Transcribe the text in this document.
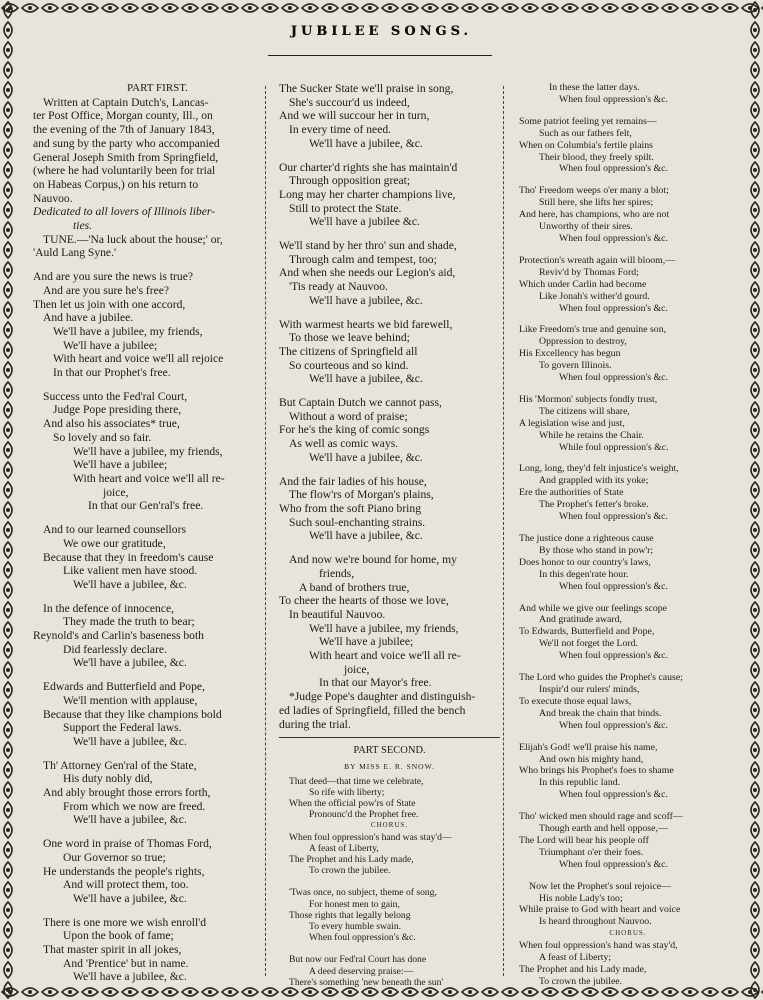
JUBILEE SONGS.
PART FIRST.
Written at Captain Dutch's, Lancas-
ter Post Office, Morgan county, Ill., on
the evening of the 7th of January 1843,
and sung by the party who accompanied
General Joseph Smith from Springfield,
(where he had voluntarily been for trial
on Habeas Corpus,) on his return to
Nauvoo.
Dedicated to all lovers of Illinois liber-
ties.
TUNE.—'Na luck about the house;' or,
'Auld Lang Syne.'
And are you sure the news is true?
And are you sure he's free?
Then let us join with one accord,
And have a jubilee.
We'll have a jubilee, my friends,
We'll have a jubilee;
With heart and voice we'll all rejoice
In that our Prophet's free.
Success unto the Fed'ral Court,
Judge Pope presiding there,
And also his associates* true,
So lovely and so fair.
We'll have a jubilee, my friends,
We'll have a jubilee;
With heart and voice we'll all re-
joice,
In that our Gen'ral's free.
And to our learned counsellors
We owe our gratitude,
Because that they in freedom's cause
Like valient men have stood.
We'll have a jubilee, &c.
In the defence of innocence,
They made the truth to bear;
Reynold's and Carlin's baseness both
Did fearlessly declare.
We'll have a jubilee, &c.
Edwards and Butterfield and Pope,
We'll mention with applause,
Because that they like champions bold
Support the Federal laws.
We'll have a jubilee, &c.
Th' Attorney Gen'ral of the State,
His duty nobly did,
And ably brought those errors forth,
From which we now are freed.
We'll have a jubilee, &c.
One word in praise of Thomas Ford,
Our Governor so true;
He understands the people's rights,
And will protect them, too.
We'll have a jubilee, &c.
There is one more we wish enroll'd
Upon the book of fame;
That master spirit in all jokes,
And 'Prentice' but in name.
We'll have a jubilee, &c.
The Sucker State we'll praise in song,
She's succour'd us indeed,
And we will succour her in turn,
In every time of need.
We'll have a jubilee, &c.
Our charter'd rights she has maintain'd
Through opposition great;
Long may her charter champions live,
Still to protect the State.
We'll have a jubilee &c.
We'll stand by her thro' sun and shade,
Through calm and tempest, too;
And when she needs our Legion's aid,
'Tis ready at Nauvoo.
We'll have a jubilee, &c.
With warmest hearts we bid farewell,
To those we leave behind;
The citizens of Springfield all
So courteous and so kind.
We'll have a jubilee, &c.
But Captain Dutch we cannot pass,
Without a word of praise;
For he's the king of comic songs
As well as comic ways.
We'll have a jubilee, &c.
And the fair ladies of his house,
The flow'rs of Morgan's plains,
Who from the soft Piano bring
Such soul-enchanting strains.
We'll have a jubilee, &c.
And now we're bound for home, my
friends,
A band of brothers true,
To cheer the hearts of those we love,
In beautiful Nauvoo.
We'll have a jubilee, my friends,
We'll have a jubilee;
With heart and voice we'll all re-
joice,
In that our Mayor's free.
*Judge Pope's daughter and distinguish-
ed ladies of Springfield, filled the bench
during the trial.
PART SECOND.
BY MISS E. R. SNOW.
That deed—that time we celebrate,
So rife with liberty;
When the official pow'rs of State
Pronounc'd the Prophet free.
CHORUS.
When foul oppression's hand was stay'd—
A feast of Liberty,
The Prophet and his Lady made,
To crown the jubilee.
'Twas once, no subject, theme of song,
For honest men to gain,
Those rights that legally belong
To every humble swain.
When foul oppression's &c.
But now our Fed'ral Court has done
A deed deserving praise:—
There's something 'new beneath the sun'
In these the latter days.
When foul oppression's &c.
Some patriot feeling yet remains—
Such as our fathers felt,
When on Columbia's fertile plains
Their blood, they freely spilt.
When foul oppression's &c.
Tho' Freedom weeps o'er many a blot;
Still here, she lifts her spires;
And here, has champions, who are not
Unworthy of their sires.
When foul oppression's &c.
Protection's wreath again will bloom,—
Reviv'd by Thomas Ford;
Which under Carlin had become
Like Jonah's wither'd gourd.
When foul oppression's &c.
Like Freedom's true and genuine son,
Oppression to destroy,
His Excellency has begun
To govern Illinois.
When foul oppression's &c.
His 'Mormon' subjects fondly trust,
The citizens will share,
A legislation wise and just,
While he retains the Chair.
While foul oppression's &c.
Long, long, they'd felt injustice's weight,
And grappled with its yoke;
Ere the authorities of State
The Prophet's fetter's broke.
When foul oppression's &c.
The justice done a righteous cause
By those who stand in pow'r;
Does honor to our country's laws,
In this degen'rate hour.
When foul oppression's &c.
And while we give our feelings scope
And gratitude award,
To Edwards, Butterfield and Pope,
We'll not forget the Lord.
When foul oppression's &c.
The Lord who guides the Prophet's cause;
Inspir'd our rulers' minds,
To execute those equal laws,
And break the chain that binds.
When foul oppression's &c.
Elijah's God! we'll praise his name,
And own his mighty hand,
Who brings his Prophet's foes to shame
In this republic land.
When foul oppression's &c.
Tho' wicked men should rage and scoff—
Though earth and hell oppose,—
The Lord will bear his people off
Triumphant o'er their foes.
When foul oppression's &c.
Now let the Prophet's soul rejoice—
His noble Lady's too;
While praise to God with heart and voice
Is heard throughout Nauvoo.
CHORUS.
When foul oppression's hand was stay'd,
A feast of Liberty;
The Prophet and his Lady made,
To crown the jubilee.
